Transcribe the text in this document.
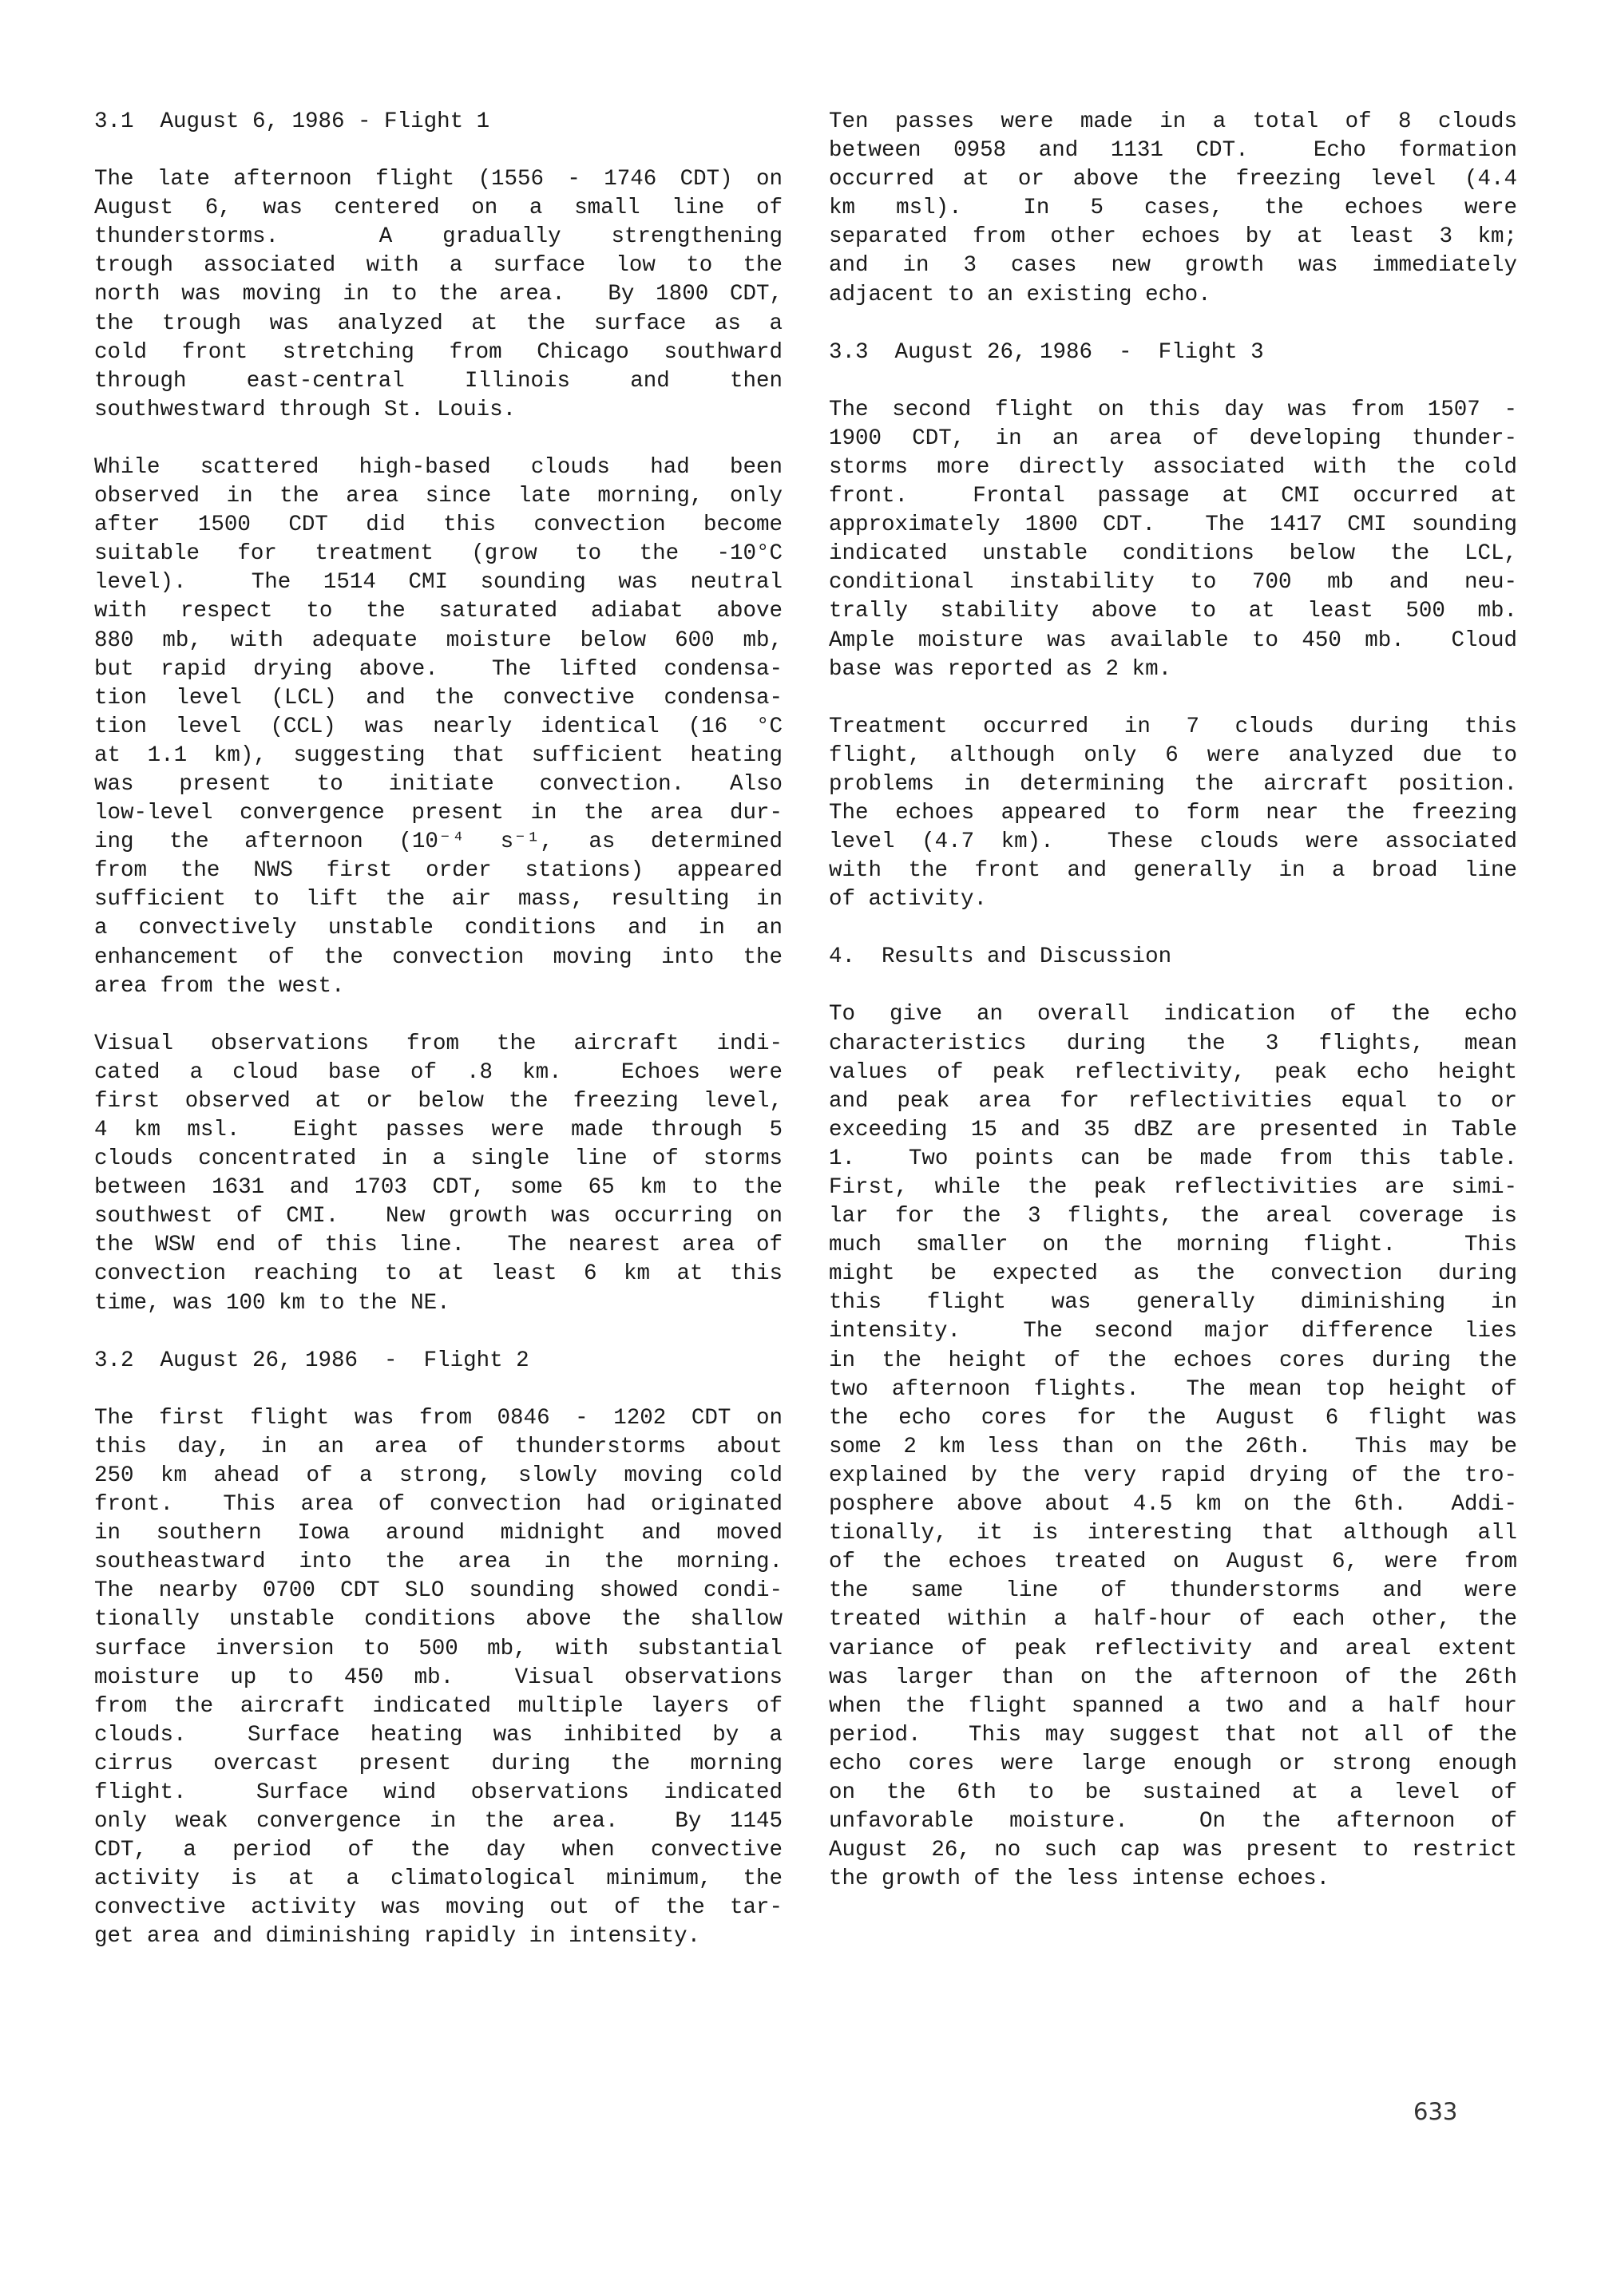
3.1  August 6, 1986 - Flight 1
The late afternoon flight (1556 - 1746 CDT) on
August 6, was centered on a small line of
thunderstorms.  A gradually strengthening
trough associated with a surface low to the
north was moving in to the area.  By 1800 CDT,
the trough was analyzed at the surface as a
cold front stretching from Chicago southward
through  east-central  Illinois  and  then
southwestward through St. Louis.
While scattered high-based clouds had been
observed in the area since late morning, only
after 1500 CDT did this convection become
suitable for treatment (grow to the -10°C
level).  The 1514 CMI sounding was neutral
with respect to the saturated adiabat above
880 mb, with adequate moisture below 600 mb,
but rapid drying above.  The lifted condensa-
tion level (LCL) and the convective condensa-
tion level (CCL) was nearly identical (16 °C
at 1.1 km), suggesting that sufficient heating
was  present  to  initiate  convection.  Also
low-level convergence present in the area dur-
ing the afternoon (10⁻⁴ s⁻¹, as determined
from the NWS first order stations) appeared
sufficient to lift the air mass, resulting in
a convectively unstable conditions and in an
enhancement of the convection moving into the
area from the west.
Visual observations from the aircraft indi-
cated a cloud base of .8 km.  Echoes were
first observed at or below the freezing level,
4 km msl.  Eight passes were made through 5
clouds concentrated in a single line of storms
between 1631 and 1703 CDT, some 65 km to the
southwest of CMI.  New growth was occurring on
the WSW end of this line.  The nearest area of
convection reaching to at least 6 km at this
time, was 100 km to the NE.
3.2  August 26, 1986  -  Flight 2
The first flight was from 0846 - 1202 CDT on
this day, in an area of thunderstorms about
250 km ahead of a strong, slowly moving cold
front.  This area of convection had originated
in southern Iowa around midnight and moved
southeastward into the area in the morning.
The nearby 0700 CDT SLO sounding showed condi-
tionally unstable conditions above the shallow
surface inversion to 500 mb, with substantial
moisture up to 450 mb.  Visual observations
from the aircraft indicated multiple layers of
clouds.  Surface heating was inhibited by a
cirrus overcast present during the morning
flight.  Surface wind observations indicated
only weak convergence in the area.  By 1145
CDT, a period of the day when convective
activity is at a climatological minimum, the
convective activity was moving out of the tar-
get area and diminishing rapidly in intensity.
Ten passes were made in a total of 8 clouds
between 0958 and 1131 CDT.  Echo formation
occurred at or above the freezing level (4.4
km  msl).   In  5  cases,  the  echoes  were
separated from other echoes by at least 3 km;
and in 3 cases new growth was immediately
adjacent to an existing echo.
3.3  August 26, 1986  -  Flight 3
The second flight on this day was from 1507 -
1900 CDT, in an area of developing thunder-
storms more directly associated with the cold
front.  Frontal passage at CMI occurred at
approximately 1800 CDT.  The 1417 CMI sounding
indicated unstable conditions below the LCL,
conditional instability to 700 mb and neu-
trally stability above to at least 500 mb.
Ample moisture was available to 450 mb.  Cloud
base was reported as 2 km.
Treatment occurred in 7 clouds during this
flight, although only 6 were analyzed due to
problems in determining the aircraft position.
The echoes appeared to form near the freezing
level (4.7 km).  These clouds were associated
with the front and generally in a broad line
of activity.
4.  Results and Discussion
To give an overall indication of the echo
characteristics during the 3 flights, mean
values of peak reflectivity, peak echo height
and peak area for reflectivities equal to or
exceeding 15 and 35 dBZ are presented in Table
1.  Two points can be made from this table.
First, while the peak reflectivities are simi-
lar for the 3 flights, the areal coverage is
much smaller on the morning flight.  This
might be expected as the convection during
this  flight  was  generally  diminishing  in
intensity.  The second major difference lies
in the height of the echoes cores during the
two afternoon flights.  The mean top height of
the echo cores for the August 6 flight was
some 2 km less than on the 26th.  This may be
explained by the very rapid drying of the tro-
posphere above about 4.5 km on the 6th.  Addi-
tionally, it is interesting that although all
of the echoes treated on August 6, were from
the  same  line  of  thunderstorms  and  were
treated within a half-hour of each other, the
variance of peak reflectivity and areal extent
was larger than on the afternoon of the 26th
when the flight spanned a two and a half hour
period.  This may suggest that not all of the
echo cores were large enough or strong enough
on the 6th to be sustained at a level of
unfavorable moisture.  On the afternoon of
August 26, no such cap was present to restrict
the growth of the less intense echoes.
633
